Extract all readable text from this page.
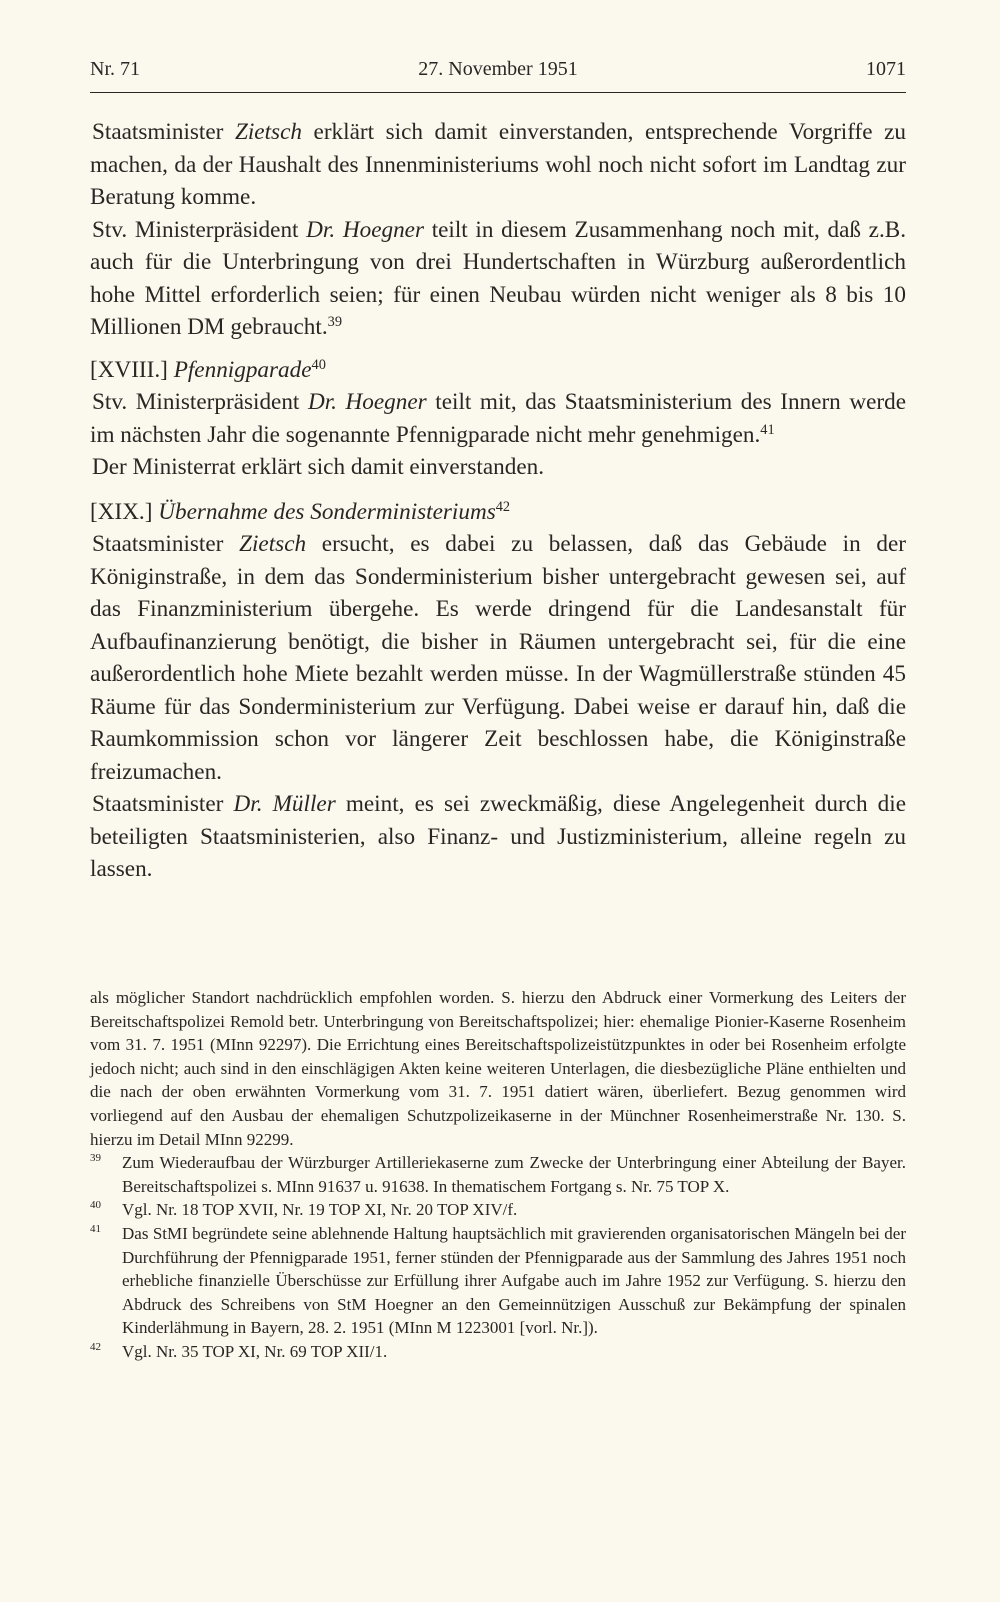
Nr. 71	27. November 1951	1071

Staatsminister Zietsch erklärt sich damit einverstanden, entsprechende Vorgriffe zu machen, da der Haushalt des Innenministeriums wohl noch nicht sofort im Landtag zur Beratung komme.

Stv. Ministerpräsident Dr. Hoegner teilt in diesem Zusammenhang noch mit, daß z.B. auch für die Unterbringung von drei Hundertschaften in Würzburg außerordentlich hohe Mittel erforderlich seien; für einen Neubau würden nicht weniger als 8 bis 10 Millionen DM gebraucht.$^{39}$

[XVIII.] Pfennigparade$^{40}$

Stv. Ministerpräsident Dr. Hoegner teilt mit, das Staatsministerium des Innern werde im nächsten Jahr die sogenannte Pfennigparade nicht mehr genehmigen.$^{41}$

Der Ministerrat erklärt sich damit einverstanden.

[XIX.] Übernahme des Sonderministeriums$^{42}$

Staatsminister Zietsch ersucht, es dabei zu belassen, daß das Gebäude in der Königinstraße, in dem das Sonderministerium bisher untergebracht gewesen sei, auf das Finanzministerium übergehe. Es werde dringend für die Landesanstalt für Aufbaufinanzierung benötigt, die bisher in Räumen untergebracht sei, für die eine außerordentlich hohe Miete bezahlt werden müsse. In der Wagmüllerstraße stünden 45 Räume für das Sonderministerium zur Verfügung. Dabei weise er darauf hin, daß die Raumkommission schon vor längerer Zeit beschlossen habe, die Königinstraße freizumachen.

Staatsminister Dr. Müller meint, es sei zweckmäßig, diese Angelegenheit durch die beteiligten Staatsministerien, also Finanz- und Justizministerium, alleine regeln zu lassen.

als möglicher Standort nachdrücklich empfohlen worden. S. hierzu den Abdruck einer Vormerkung des Leiters der Bereitschaftspolizei Remold betr. Unterbringung von Bereitschaftspolizei; hier: ehemalige Pionier-Kaserne Rosenheim vom 31. 7. 1951 (MInn 92297). Die Errichtung eines Bereitschaftspolizeistützpunktes in oder bei Rosenheim erfolgte jedoch nicht; auch sind in den einschlägigen Akten keine weiteren Unterlagen, die diesbezügliche Pläne enthielten und die nach der oben erwähnten Vormerkung vom 31. 7. 1951 datiert wären, überliefert. Bezug genommen wird vorliegend auf den Ausbau der ehemaligen Schutzpolizeikaserne in der Münchner Rosenheimerstraße Nr. 130. S. hierzu im Detail MInn 92299.

39 Zum Wiederaufbau der Würzburger Artilleriekaserne zum Zwecke der Unterbringung einer Abteilung der Bayer. Bereitschaftspolizei s. MInn 91637 u. 91638. In thematischem Fortgang s. Nr. 75 TOP X.

40 Vgl. Nr. 18 TOP XVII, Nr. 19 TOP XI, Nr. 20 TOP XIV/f.

41 Das StMI begründete seine ablehnende Haltung hauptsächlich mit gravierenden organisatorischen Mängeln bei der Durchführung der Pfennigparade 1951, ferner stünden der Pfennigparade aus der Sammlung des Jahres 1951 noch erhebliche finanzielle Überschüsse zur Erfüllung ihrer Aufgabe auch im Jahre 1952 zur Verfügung. S. hierzu den Abdruck des Schreibens von StM Hoegner an den Gemeinnützigen Ausschuß zur Bekämpfung der spinalen Kinderlähmung in Bayern, 28. 2. 1951 (MInn M 1223001 [vorl. Nr.]).

42 Vgl. Nr. 35 TOP XI, Nr. 69 TOP XII/1.
